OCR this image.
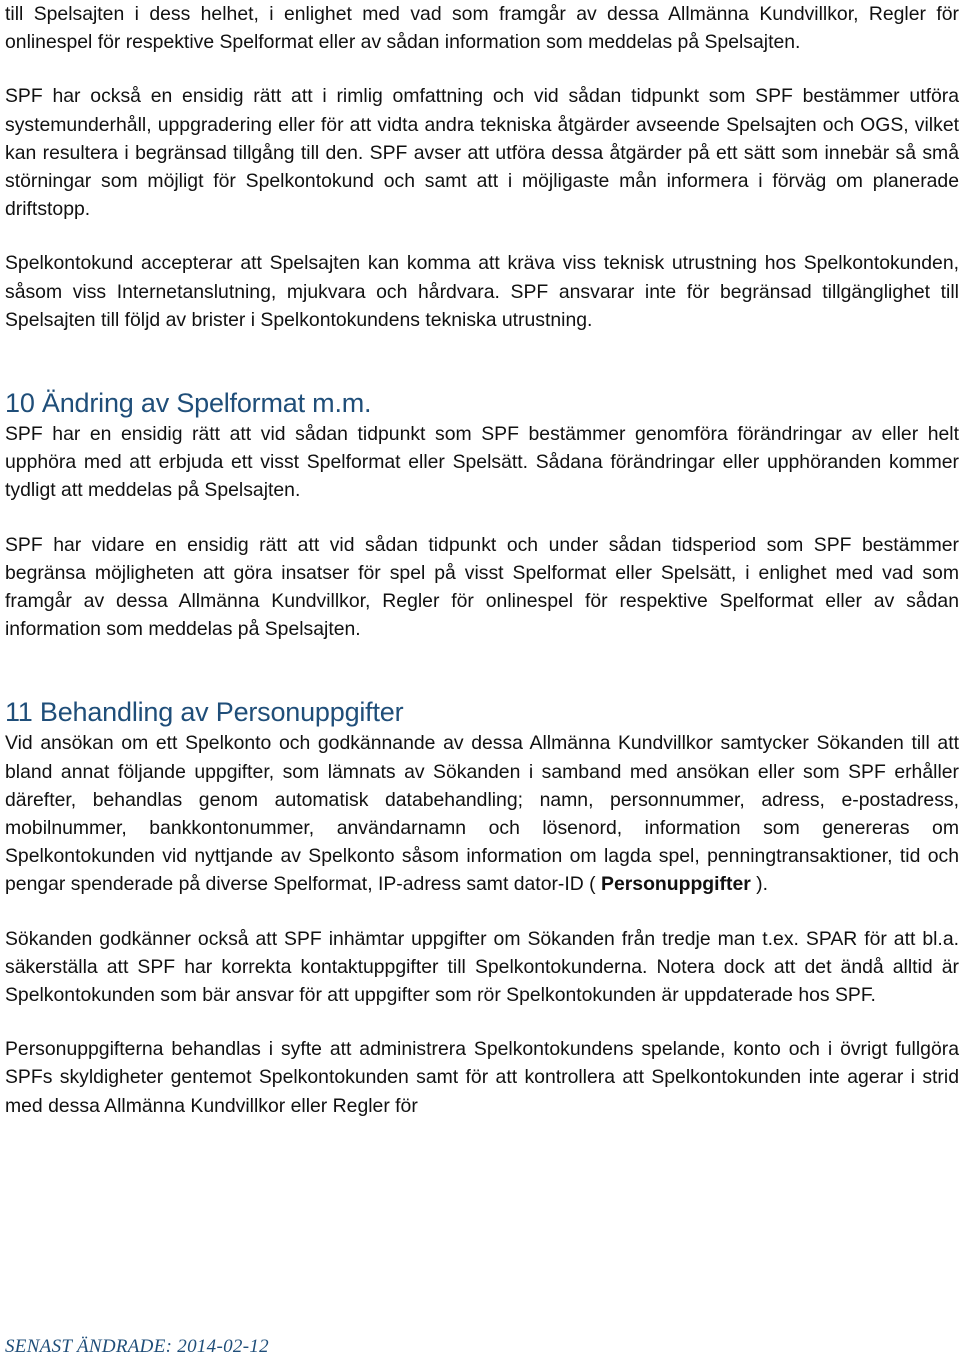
till Spelsajten i dess helhet, i enlighet med vad som framgår av dessa Allmänna Kundvillkor, Regler för onlinespel för respektive Spelformat eller av sådan information som meddelas på Spelsajten.

SPF har också en ensidig rätt att i rimlig omfattning och vid sådan tidpunkt som SPF bestämmer utföra systemunderhåll, uppgradering eller för att vidta andra tekniska åtgärder avseende Spelsajten och OGS, vilket kan resultera i begränsad tillgång till den. SPF avser att utföra dessa åtgärder på ett sätt som innebär så små störningar som möjligt för Spelkontokund och samt att i möjligaste mån informera i förväg om planerade driftstopp.

Spelkontokund accepterar att Spelsajten kan komma att kräva viss teknisk utrustning hos Spelkontokunden, såsom viss Internetanslutning, mjukvara och hårdvara. SPF ansvarar inte för begränsad tillgänglighet till Spelsajten till följd av brister i Spelkontokundens tekniska utrustning.

10 Ändring av Spelformat m.m.

SPF har en ensidig rätt att vid sådan tidpunkt som SPF bestämmer genomföra förändringar av eller helt upphöra med att erbjuda ett visst Spelformat eller Spelsätt. Sådana förändringar eller upphöranden kommer tydligt att meddelas på Spelsajten.

SPF har vidare en ensidig rätt att vid sådan tidpunkt och under sådan tidsperiod som SPF bestämmer begränsa möjligheten att göra insatser för spel på visst Spelformat eller Spelsätt, i enlighet med vad som framgår av dessa Allmänna Kundvillkor, Regler för onlinespel för respektive Spelformat eller av sådan information som meddelas på Spelsajten.

11 Behandling av Personuppgifter

Vid ansökan om ett Spelkonto och godkännande av dessa Allmänna Kundvillkor samtycker Sökanden till att bland annat följande uppgifter, som lämnats av Sökanden i samband med ansökan eller som SPF erhåller därefter, behandlas genom automatisk databehandling; namn, personnummer, adress, e-postadress, mobilnummer, bankkontonummer, användarnamn och lösenord, information som genereras om Spelkontokunden vid nyttjande av Spelkonto såsom information om lagda spel, penningtransaktioner, tid och pengar spenderade på diverse Spelformat, IP-adress samt dator-ID ( Personuppgifter ).

Sökanden godkänner också att SPF inhämtar uppgifter om Sökanden från tredje man t.ex. SPAR för att bl.a. säkerställa att SPF har korrekta kontaktuppgifter till Spelkontokunderna. Notera dock att det ändå alltid är Spelkontokunden som bär ansvar för att uppgifter som rör Spelkontokunden är uppdaterade hos SPF.

Personuppgifterna behandlas i syfte att administrera Spelkontokundens spelande, konto och i övrigt fullgöra SPFs skyldigheter gentemot Spelkontokunden samt för att kontrollera att Spelkontokunden inte agerar i strid med dessa Allmänna Kundvillkor eller Regler för

SENAST ÄNDRADE: 2014-02-12
